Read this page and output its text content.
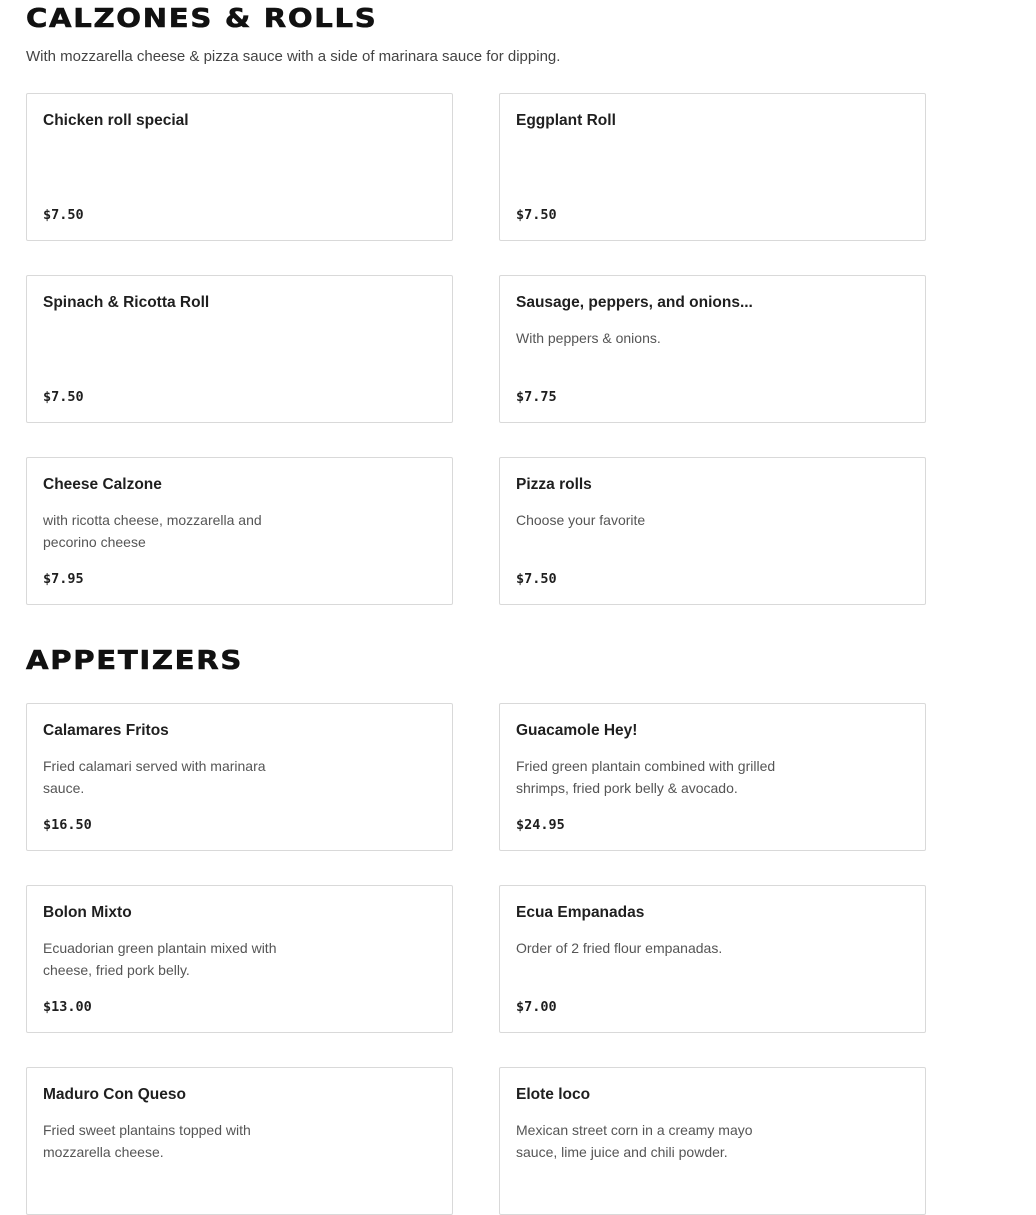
CALZONES & ROLLS
With mozzarella cheese & pizza sauce with a side of marinara sauce for dipping.
Chicken roll special
$7.50
Eggplant Roll
$7.50
Spinach & Ricotta Roll
$7.50
Sausage, peppers, and onions...
With peppers & onions.
$7.75
Cheese Calzone
with ricotta cheese, mozzarella and pecorino cheese
$7.95
Pizza rolls
Choose your favorite
$7.50
APPETIZERS
Calamares Fritos
Fried calamari served with marinara sauce.
$16.50
Guacamole Hey!
Fried green plantain combined with grilled shrimps, fried pork belly & avocado.
$24.95
Bolon Mixto
Ecuadorian green plantain mixed with cheese, fried pork belly.
$13.00
Ecua Empanadas
Order of 2 fried flour empanadas.
$7.00
Maduro Con Queso
Fried sweet plantains topped with mozzarella cheese.
Elote loco
Mexican street corn in a creamy mayo sauce, lime juice and chili powder.
